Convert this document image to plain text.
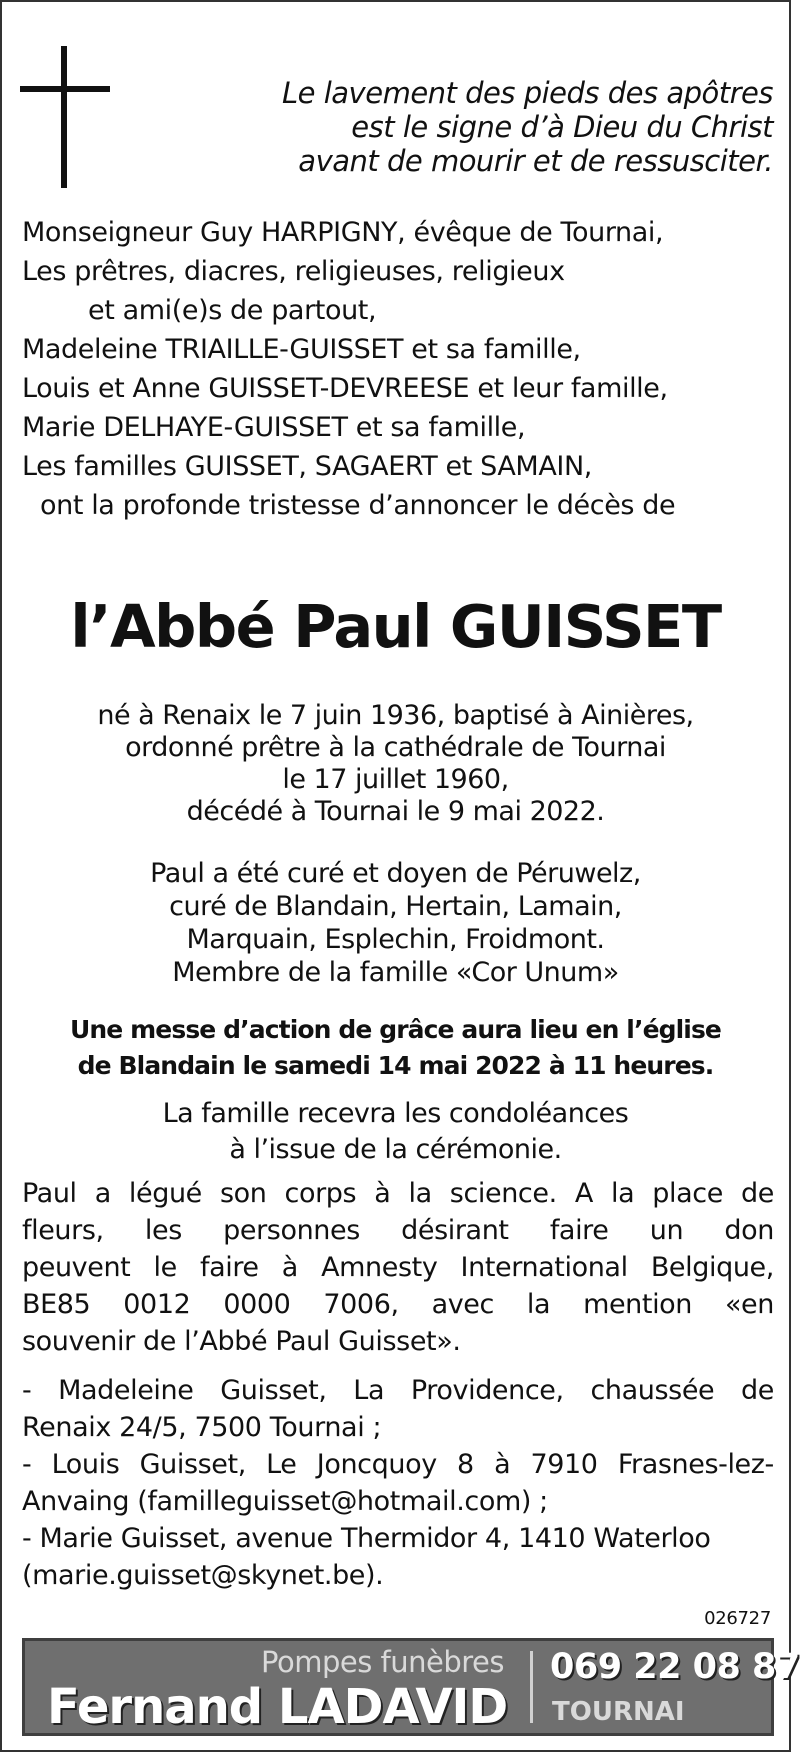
Le lavement des pieds des apôtres
est le signe d’à Dieu du Christ
avant de mourir et de ressusciter.
Monseigneur Guy HARPIGNY, évêque de Tournai,
Les prêtres, diacres, religieuses, religieux
et ami(e)s de partout,
Madeleine TRIAILLE-GUISSET et sa famille,
Louis et Anne GUISSET-DEVREESE et leur famille,
Marie DELHAYE-GUISSET et sa famille,
Les familles GUISSET, SAGAERT et SAMAIN,
ont la profonde tristesse d’annoncer le décès de
l’Abbé Paul GUISSET
né à Renaix le 7 juin 1936, baptisé à Ainières,
ordonné prêtre à la cathédrale de Tournai
le 17 juillet 1960,
décédé à Tournai le 9 mai 2022.
Paul a été curé et doyen de Péruwelz,
curé de Blandain, Hertain, Lamain,
Marquain, Esplechin, Froidmont.
Membre de la famille «Cor Unum»
Une messe d’action de grâce aura lieu en l’église
de Blandain le samedi 14 mai 2022 à 11 heures.
La famille recevra les condoléances
à l’issue de la cérémonie.
Paul a légué son corps à la science. A la place de
fleurs, les personnes désirant faire un don
peuvent le faire à Amnesty International Belgique,
BE85 0012 0000 7006, avec la mention «en
souvenir de l’Abbé Paul Guisset».
- Madeleine Guisset, La Providence, chaussée de
Renaix 24/5, 7500 Tournai ;
- Louis Guisset, Le Joncquoy 8 à 7910 Frasnes-lez-
Anvaing (familleguisset@hotmail.com) ;
- Marie Guisset, avenue Thermidor 4, 1410 Waterloo
(marie.guisset@skynet.be).
026727
Pompes funèbres
Fernand LADAVID
069 22 08 87
TOURNAI
